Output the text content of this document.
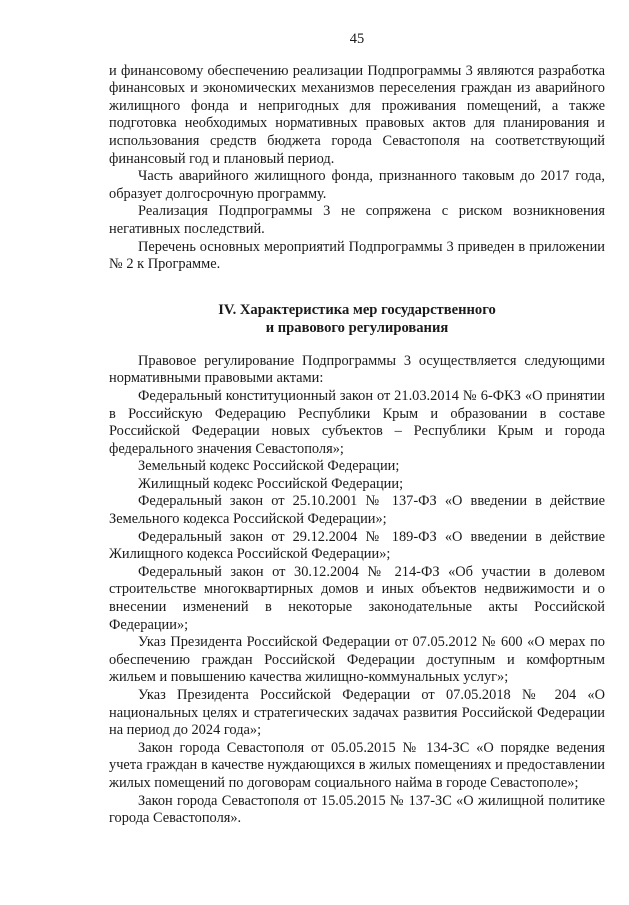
45

и финансовому обеспечению реализации Подпрограммы 3 являются разработка финансовых и экономических механизмов переселения граждан из аварийного жилищного фонда и непригодных для проживания помещений, а также подготовка необходимых нормативных правовых актов для планирования и использования средств бюджета города Севастополя на соответствующий финансовый год и плановый период.

Часть аварийного жилищного фонда, признанного таковым до 2017 года, образует долгосрочную программу.

Реализация Подпрограммы 3 не сопряжена с риском возникновения негативных последствий.

Перечень основных мероприятий Подпрограммы 3 приведен в приложении № 2 к Программе.

IV. Характеристика мер государственного
и правового регулирования

Правовое регулирование Подпрограммы 3 осуществляется следующими нормативными правовыми актами:

Федеральный конституционный закон от 21.03.2014 № 6-ФКЗ «О принятии в Российскую Федерацию Республики Крым и образовании в составе Российской Федерации новых субъектов – Республики Крым и города федерального значения Севастополя»;

Земельный кодекс Российской Федерации;

Жилищный кодекс Российской Федерации;

Федеральный закон от 25.10.2001 № 137-ФЗ «О введении в действие Земельного кодекса Российской Федерации»;

Федеральный закон от 29.12.2004 № 189-ФЗ «О введении в действие Жилищного кодекса Российской Федерации»;

Федеральный закон от 30.12.2004 № 214-ФЗ «Об участии в долевом строительстве многоквартирных домов и иных объектов недвижимости и о внесении изменений в некоторые законодательные акты Российской Федерации»;

Указ Президента Российской Федерации от 07.05.2012 № 600 «О мерах по обеспечению граждан Российской Федерации доступным и комфортным жильем и повышению качества жилищно-коммунальных услуг»;

Указ Президента Российской Федерации от 07.05.2018 № 204 «О национальных целях и стратегических задачах развития Российской Федерации на период до 2024 года»;

Закон города Севастополя от 05.05.2015 № 134-ЗС «О порядке ведения учета граждан в качестве нуждающихся в жилых помещениях и предоставлении жилых помещений по договорам социального найма в городе Севастополе»;

Закон города Севастополя от 15.05.2015 № 137-ЗС «О жилищной политике города Севастополя».
